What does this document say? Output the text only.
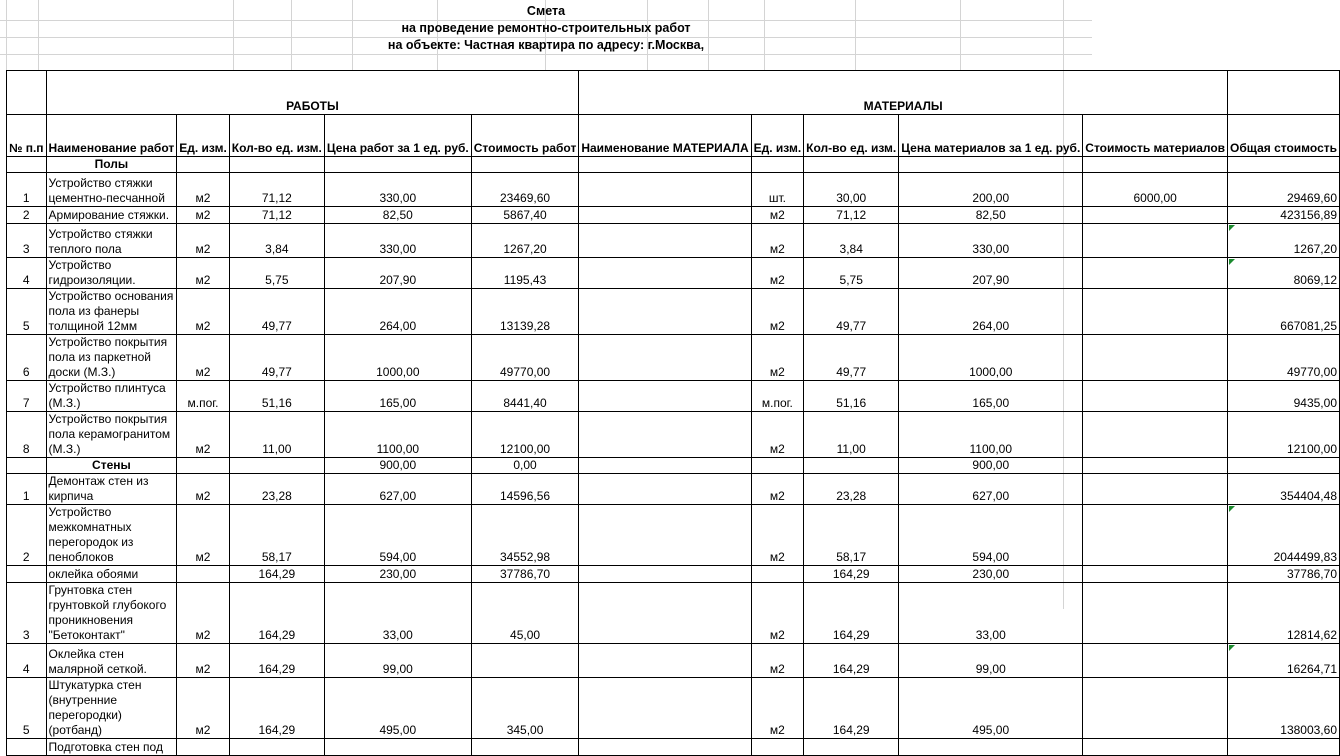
Смета
на проведение ремонтно-строительных работ
на объекте: Частная квартира по адресу: г.Москва,
	РАБОТЫ					МАТЕРИАЛЫ					
№ п.п	Наименование работ	Ед. изм.	Кол-во ед. изм.	Цена работ за 1 ед. руб.	Стоимость работ	Наименование МАТЕРИАЛА	Ед. изм.	Кол-во ед. изм.	Цена материалов за 1 ед. руб.	Стоимость материалов	Общая стоимость
	Полы										
1	Устройство стяжки цементно-песчанной	м2	71,12	330,00	23469,60		шт.	30,00	200,00	6000,00	29469,60
2	Армирование стяжки.	м2	71,12	82,50	5867,40		м2	71,12	82,50		423156,89
3	Устройство стяжки теплого пола	м2	3,84	330,00	1267,20		м2	3,84	330,00		1267,20
4	Устройство гидроизоляции.	м2	5,75	207,90	1195,43		м2	5,75	207,90		8069,12
5	Устройство основания пола из фанеры толщиной 12мм	м2	49,77	264,00	13139,28		м2	49,77	264,00		667081,25
6	Устройство покрытия пола из паркетной доски (М.З.)	м2	49,77	1000,00	49770,00		м2	49,77	1000,00		49770,00
7	Устройство плинтуса (М.З.)	м.пог.	51,16	165,00	8441,40		м.пог.	51,16	165,00		9435,00
8	Устройство покрытия пола керамогранитом (М.З.)	м2	11,00	1100,00	12100,00		м2	11,00	1100,00		12100,00
	Стены			900,00	0,00				900,00		
1	Демонтаж стен из кирпича	м2	23,28	627,00	14596,56		м2	23,28	627,00		354404,48
2	Устройство межкомнатных перегородок из пеноблоков	м2	58,17	594,00	34552,98		м2	58,17	594,00		2044499,83
	оклейка обоями		164,29	230,00	37786,70			164,29	230,00		37786,70
3	Грунтовка стен грунтовкой глубокого проникновения "Бетоконтакт"	м2	164,29	33,00	45,00		м2	164,29	33,00		12814,62
4	Оклейка стен малярной сеткой.	м2	164,29	99,00			м2	164,29	99,00		16264,71
5	Штукатурка стен (внутренние перегородки) (ротбанд)	м2	164,29	495,00	345,00		м2	164,29	495,00		138003,60
	Подготовка стен под										
